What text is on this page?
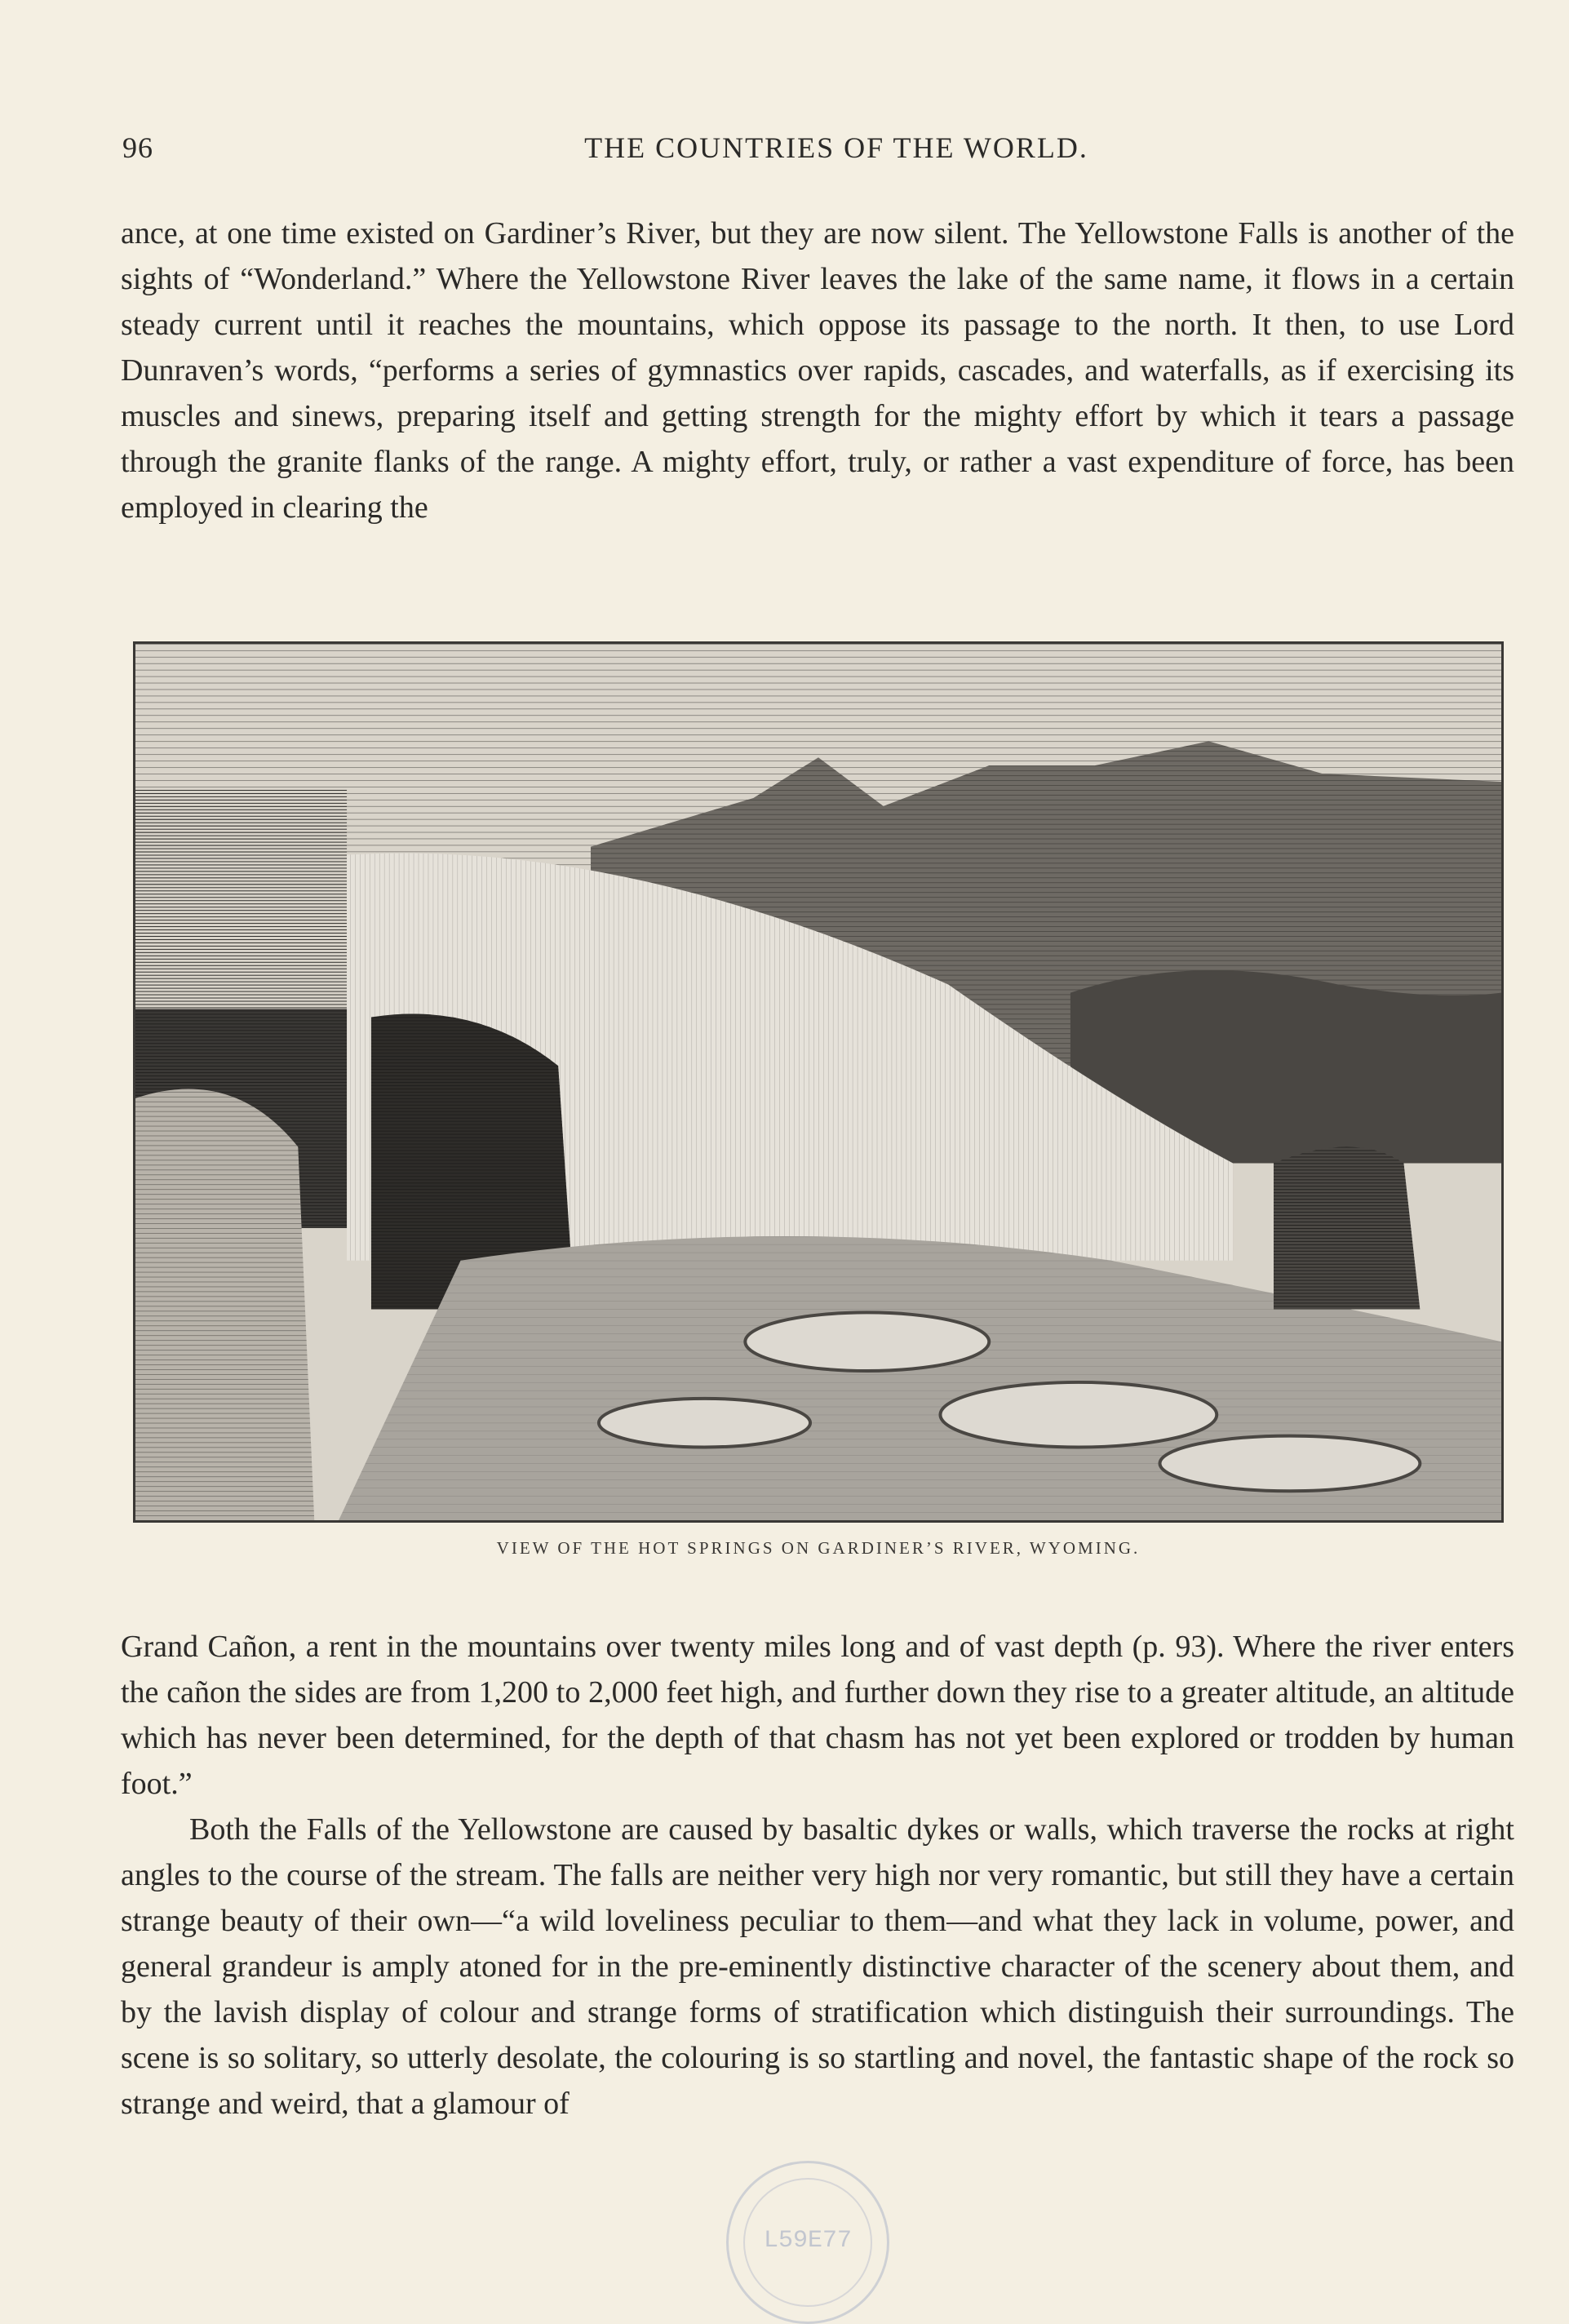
96	THE COUNTRIES OF THE WORLD.

ance, at one time existed on Gardiner’s River, but they are now silent. The Yellowstone Falls is another of the sights of “Wonderland.” Where the Yellowstone River leaves the lake of the same name, it flows in a certain steady current until it reaches the mountains, which oppose its passage to the north. It then, to use Lord Dunraven’s words, “performs a series of gymnastics over rapids, cascades, and waterfalls, as if exercising its muscles and sinews, preparing itself and getting strength for the mighty effort by which it tears a passage through the granite flanks of the range. A mighty effort, truly, or rather a vast expenditure of force, has been employed in clearing the

VIEW OF THE HOT SPRINGS ON GARDINER’S RIVER, WYOMING.

Grand Cañon, a rent in the mountains over twenty miles long and of vast depth (p. 93). Where the river enters the cañon the sides are from 1,200 to 2,000 feet high, and further down they rise to a greater altitude, an altitude which has never been determined, for the depth of that chasm has not yet been explored or trodden by human foot.”

Both the Falls of the Yellowstone are caused by basaltic dykes or walls, which traverse the rocks at right angles to the course of the stream. The falls are neither very high nor very romantic, but still they have a certain strange beauty of their own—“a wild loveliness peculiar to them—and what they lack in volume, power, and general grandeur is amply atoned for in the pre-eminently distinctive character of the scenery about them, and by the lavish display of colour and strange forms of stratification which distinguish their surroundings. The scene is so solitary, so utterly desolate, the colouring is so startling and novel, the fantastic shape of the rock so strange and weird, that a glamour of

L59E77
